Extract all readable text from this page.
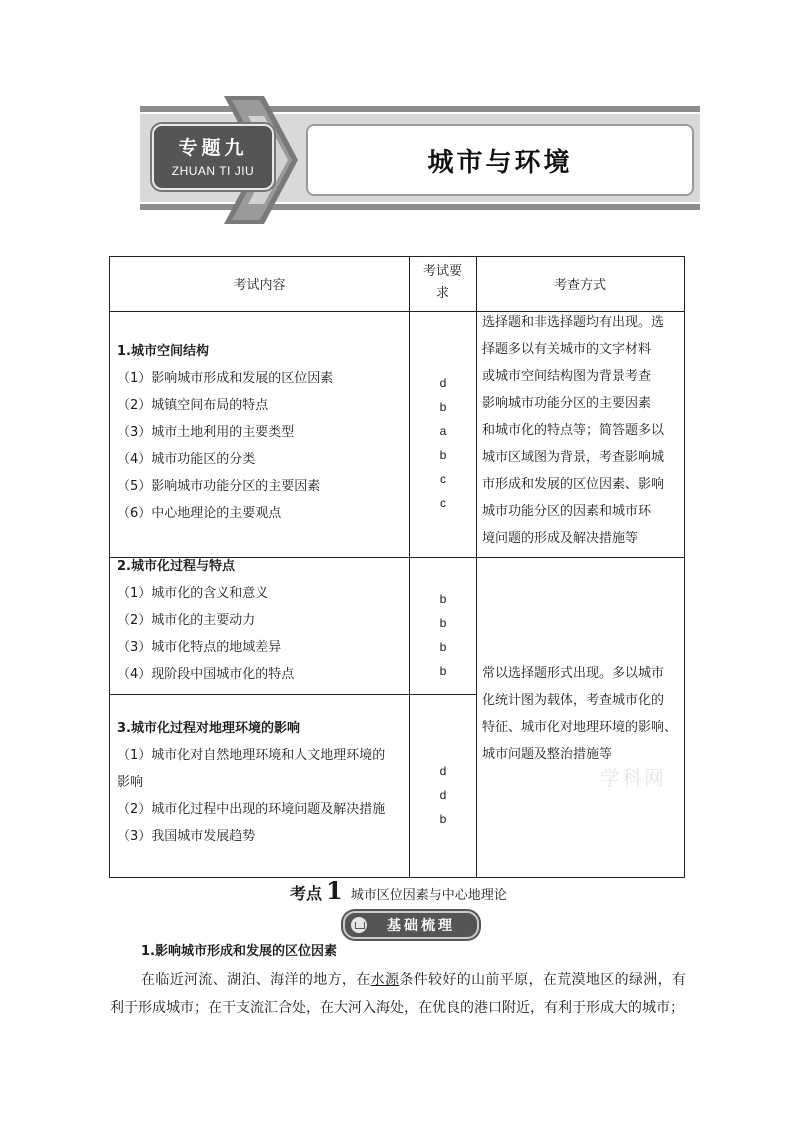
专题九
ZHUAN TI JIU	城市与环境
考试内容
考试要
求
考查方式
1.城市空间结构
（1）影响城市形成和发展的区位因素
（2）城镇空间布局的特点
（3）城市土地利用的主要类型
（4）城市功能区的分类
（5）影响城市功能分区的主要因素
（6）中心地理论的主要观点
d
b
a
b
c
c
选择题和非选择题均有出现。选
择题多以有关城市的文字材料
或城市空间结构图为背景考查
影响城市功能分区的主要因素
和城市化的特点等；简答题多以
城市区域图为背景，考查影响城
市形成和发展的区位因素、影响
城市功能分区的因素和城市环
境问题的形成及解决措施等
2.城市化过程与特点
（1）城市化的含义和意义
（2）城市化的主要动力
（3）城市化特点的地域差异
（4）现阶段中国城市化的特点
b
b
b
b
3.城市化过程对地理环境的影响
（1）城市化对自然地理环境和人文地理环境的
影响
（2）城市化过程中出现的环境问题及解决措施
（3）我国城市发展趋势
d
d
b
常以选择题形式出现。多以城市
化统计图为载体，考查城市化的
特征、城市化对地理环境的影响、
城市问题及整治措施等
学科网
考点 1 城市区位因素与中心地理论
基础梳理
1.影响城市形成和发展的区位因素
在临近河流、湖泊、海洋的地方，在水源条件较好的山前平原，在荒漠地区的绿洲，有利于形成城市；在干支流汇合处，在大河入海处，在优良的港口附近，有利于形成大的城市；
